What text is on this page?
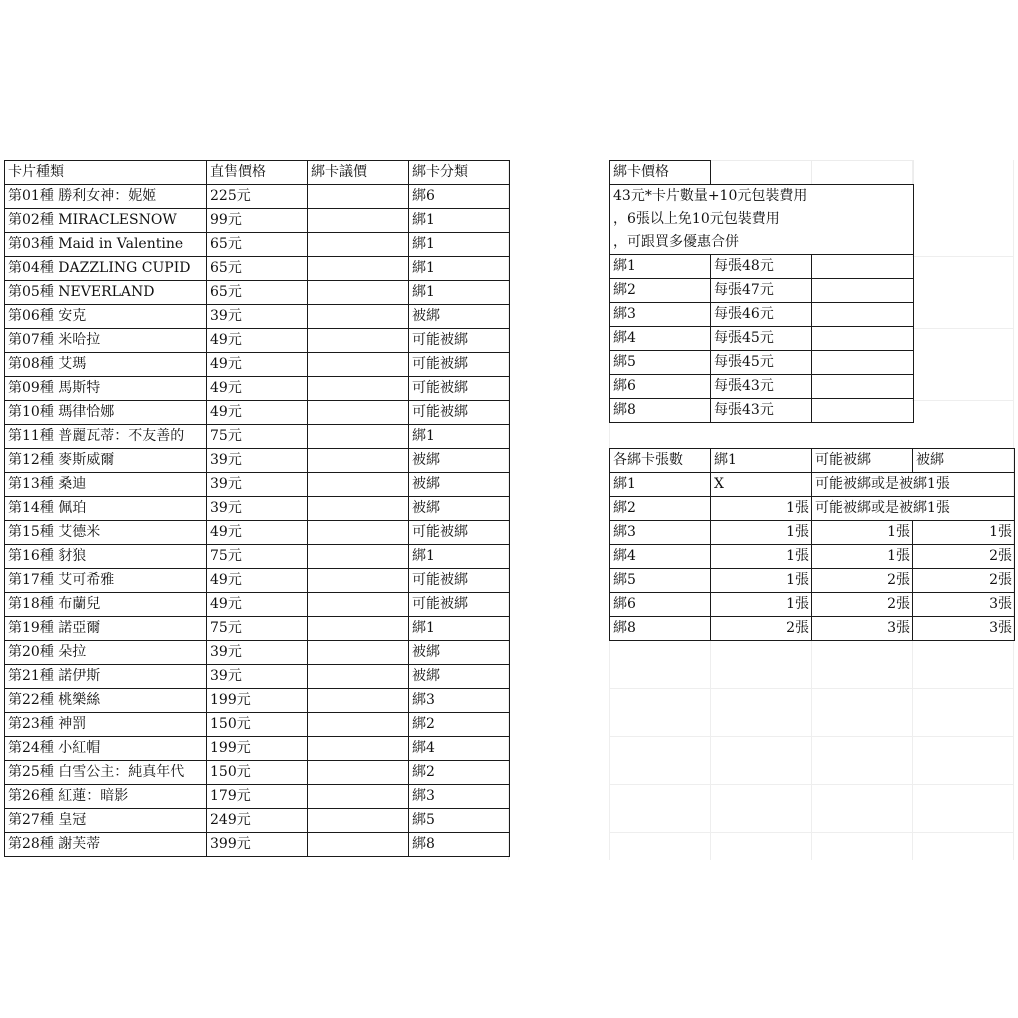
卡片種類	直售價格	綁卡議價	綁卡分類
第01種 勝利女神：妮姬	225元		綁6
第02種 MIRACLESNOW	99元		綁1
第03種 Maid in Valentine	65元		綁1
第04種 DAZZLING CUPID	65元		綁1
第05種 NEVERLAND	65元		綁1
第06種 安克	39元		被綁
第07種 米哈拉	49元		可能被綁
第08種 艾瑪	49元		可能被綁
第09種 馬斯特	49元		可能被綁
第10種 瑪律恰娜	49元		可能被綁
第11種 普麗瓦蒂：不友善的	75元		綁1
第12種 麥斯威爾	39元		被綁
第13種 桑迪	39元		被綁
第14種 佩珀	39元		被綁
第15種 艾德米	49元		可能被綁
第16種 豺狼	75元		綁1
第17種 艾可希雅	49元		可能被綁
第18種 布蘭兒	49元		可能被綁
第19種 諾亞爾	75元		綁1
第20種 朵拉	39元		被綁
第21種 諾伊斯	39元		被綁
第22種 桃樂絲	199元		綁3
第23種 神罰	150元		綁2
第24種 小紅帽	199元		綁4
第25種 白雪公主：純真年代	150元		綁2
第26種 紅蓮：暗影	179元		綁3
第27種 皇冠	249元		綁5
第28種 謝芙蒂	399元		綁8
綁卡價格		
43元*卡片數量+10元包裝費用		
，6張以上免10元包裝費用		
，可跟買多優惠合併		
綁1	每張48元	
綁2	每張47元	
綁3	每張46元	
綁4	每張45元	
綁5	每張45元	
綁6	每張43元	
綁8	每張43元	
各綁卡張數	綁1	可能被綁	被綁
綁1	X	可能被綁或是被綁1張	
綁2	1張	可能被綁或是被綁1張	
綁3	1張	1張	1張
綁4	1張	1張	2張
綁5	1張	2張	2張
綁6	1張	2張	3張
綁8	2張	3張	3張
